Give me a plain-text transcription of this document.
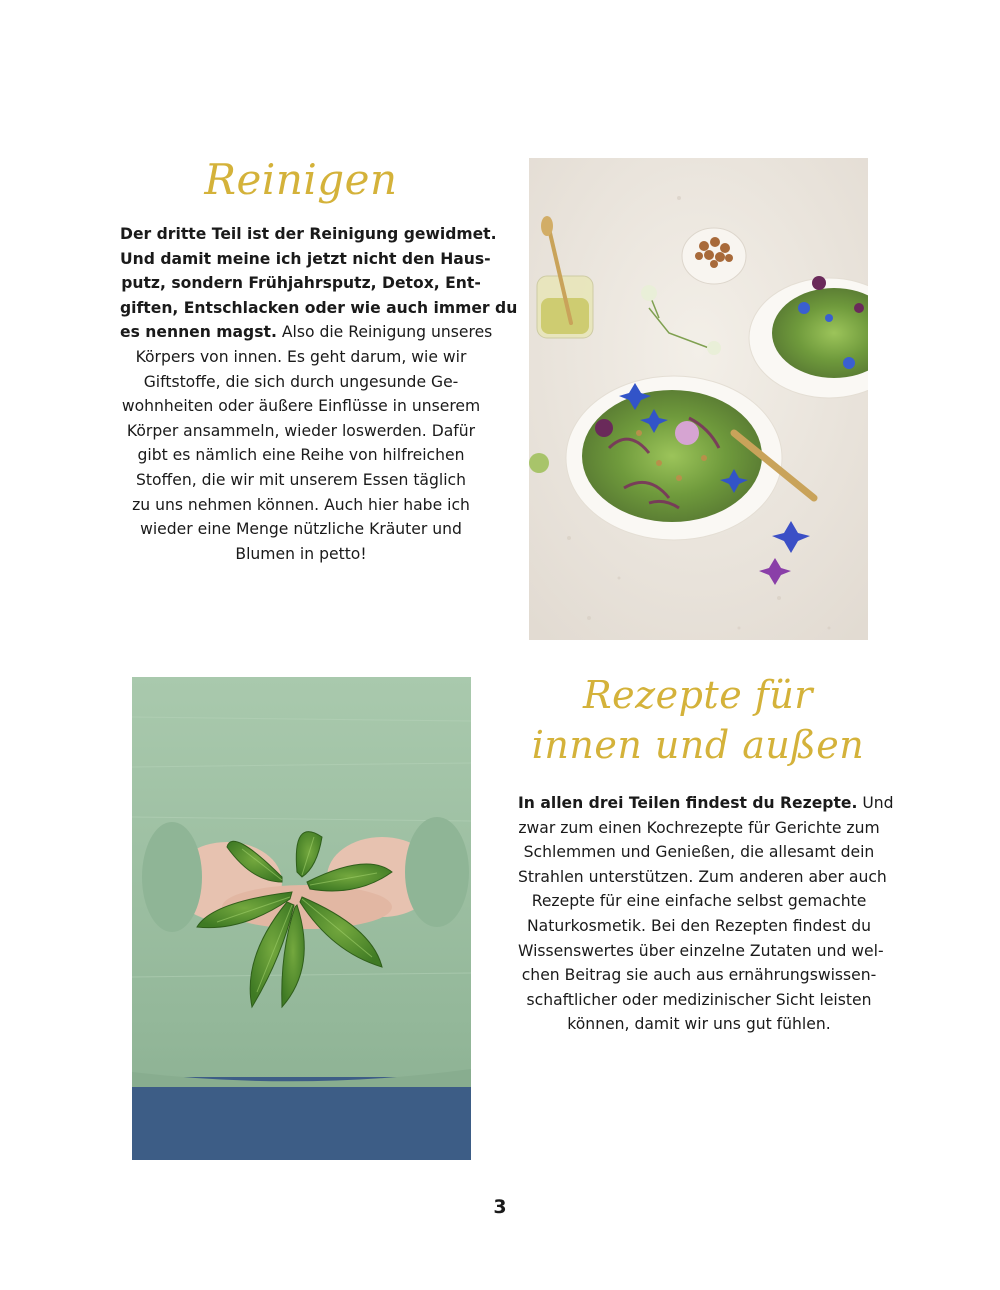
Reinigen

Der dritte Teil ist der Reinigung gewidmet.
Und damit meine ich jetzt nicht den Haus-
putz, sondern Frühjahrsputz, Detox, Ent-
giften, Entschlacken oder wie auch immer du
es nennen magst. Also die Reinigung unseres
Körpers von innen. Es geht darum, wie wir
Giftstoffe, die sich durch ungesunde Ge-
wohnheiten oder äußere Einflüsse in unserem
Körper ansammeln, wieder loswerden. Dafür
gibt es nämlich eine Reihe von hilfreichen
Stoffen, die wir mit unserem Essen täglich
zu uns nehmen können. Auch hier habe ich
wieder eine Menge nützliche Kräuter und
Blumen in petto!

Rezepte für
innen und außen

In allen drei Teilen findest du Rezepte. Und
zwar zum einen Kochrezepte für Gerichte zum
Schlemmen und Genießen, die allesamt dein
Strahlen unterstützen. Zum anderen aber auch
Rezepte für eine einfache selbst gemachte
Naturkosmetik. Bei den Rezepten findest du
Wissenswertes über einzelne Zutaten und wel-
chen Beitrag sie auch aus ernährungswissen-
schaftlicher oder medizinischer Sicht leisten
können, damit wir uns gut fühlen.

3
